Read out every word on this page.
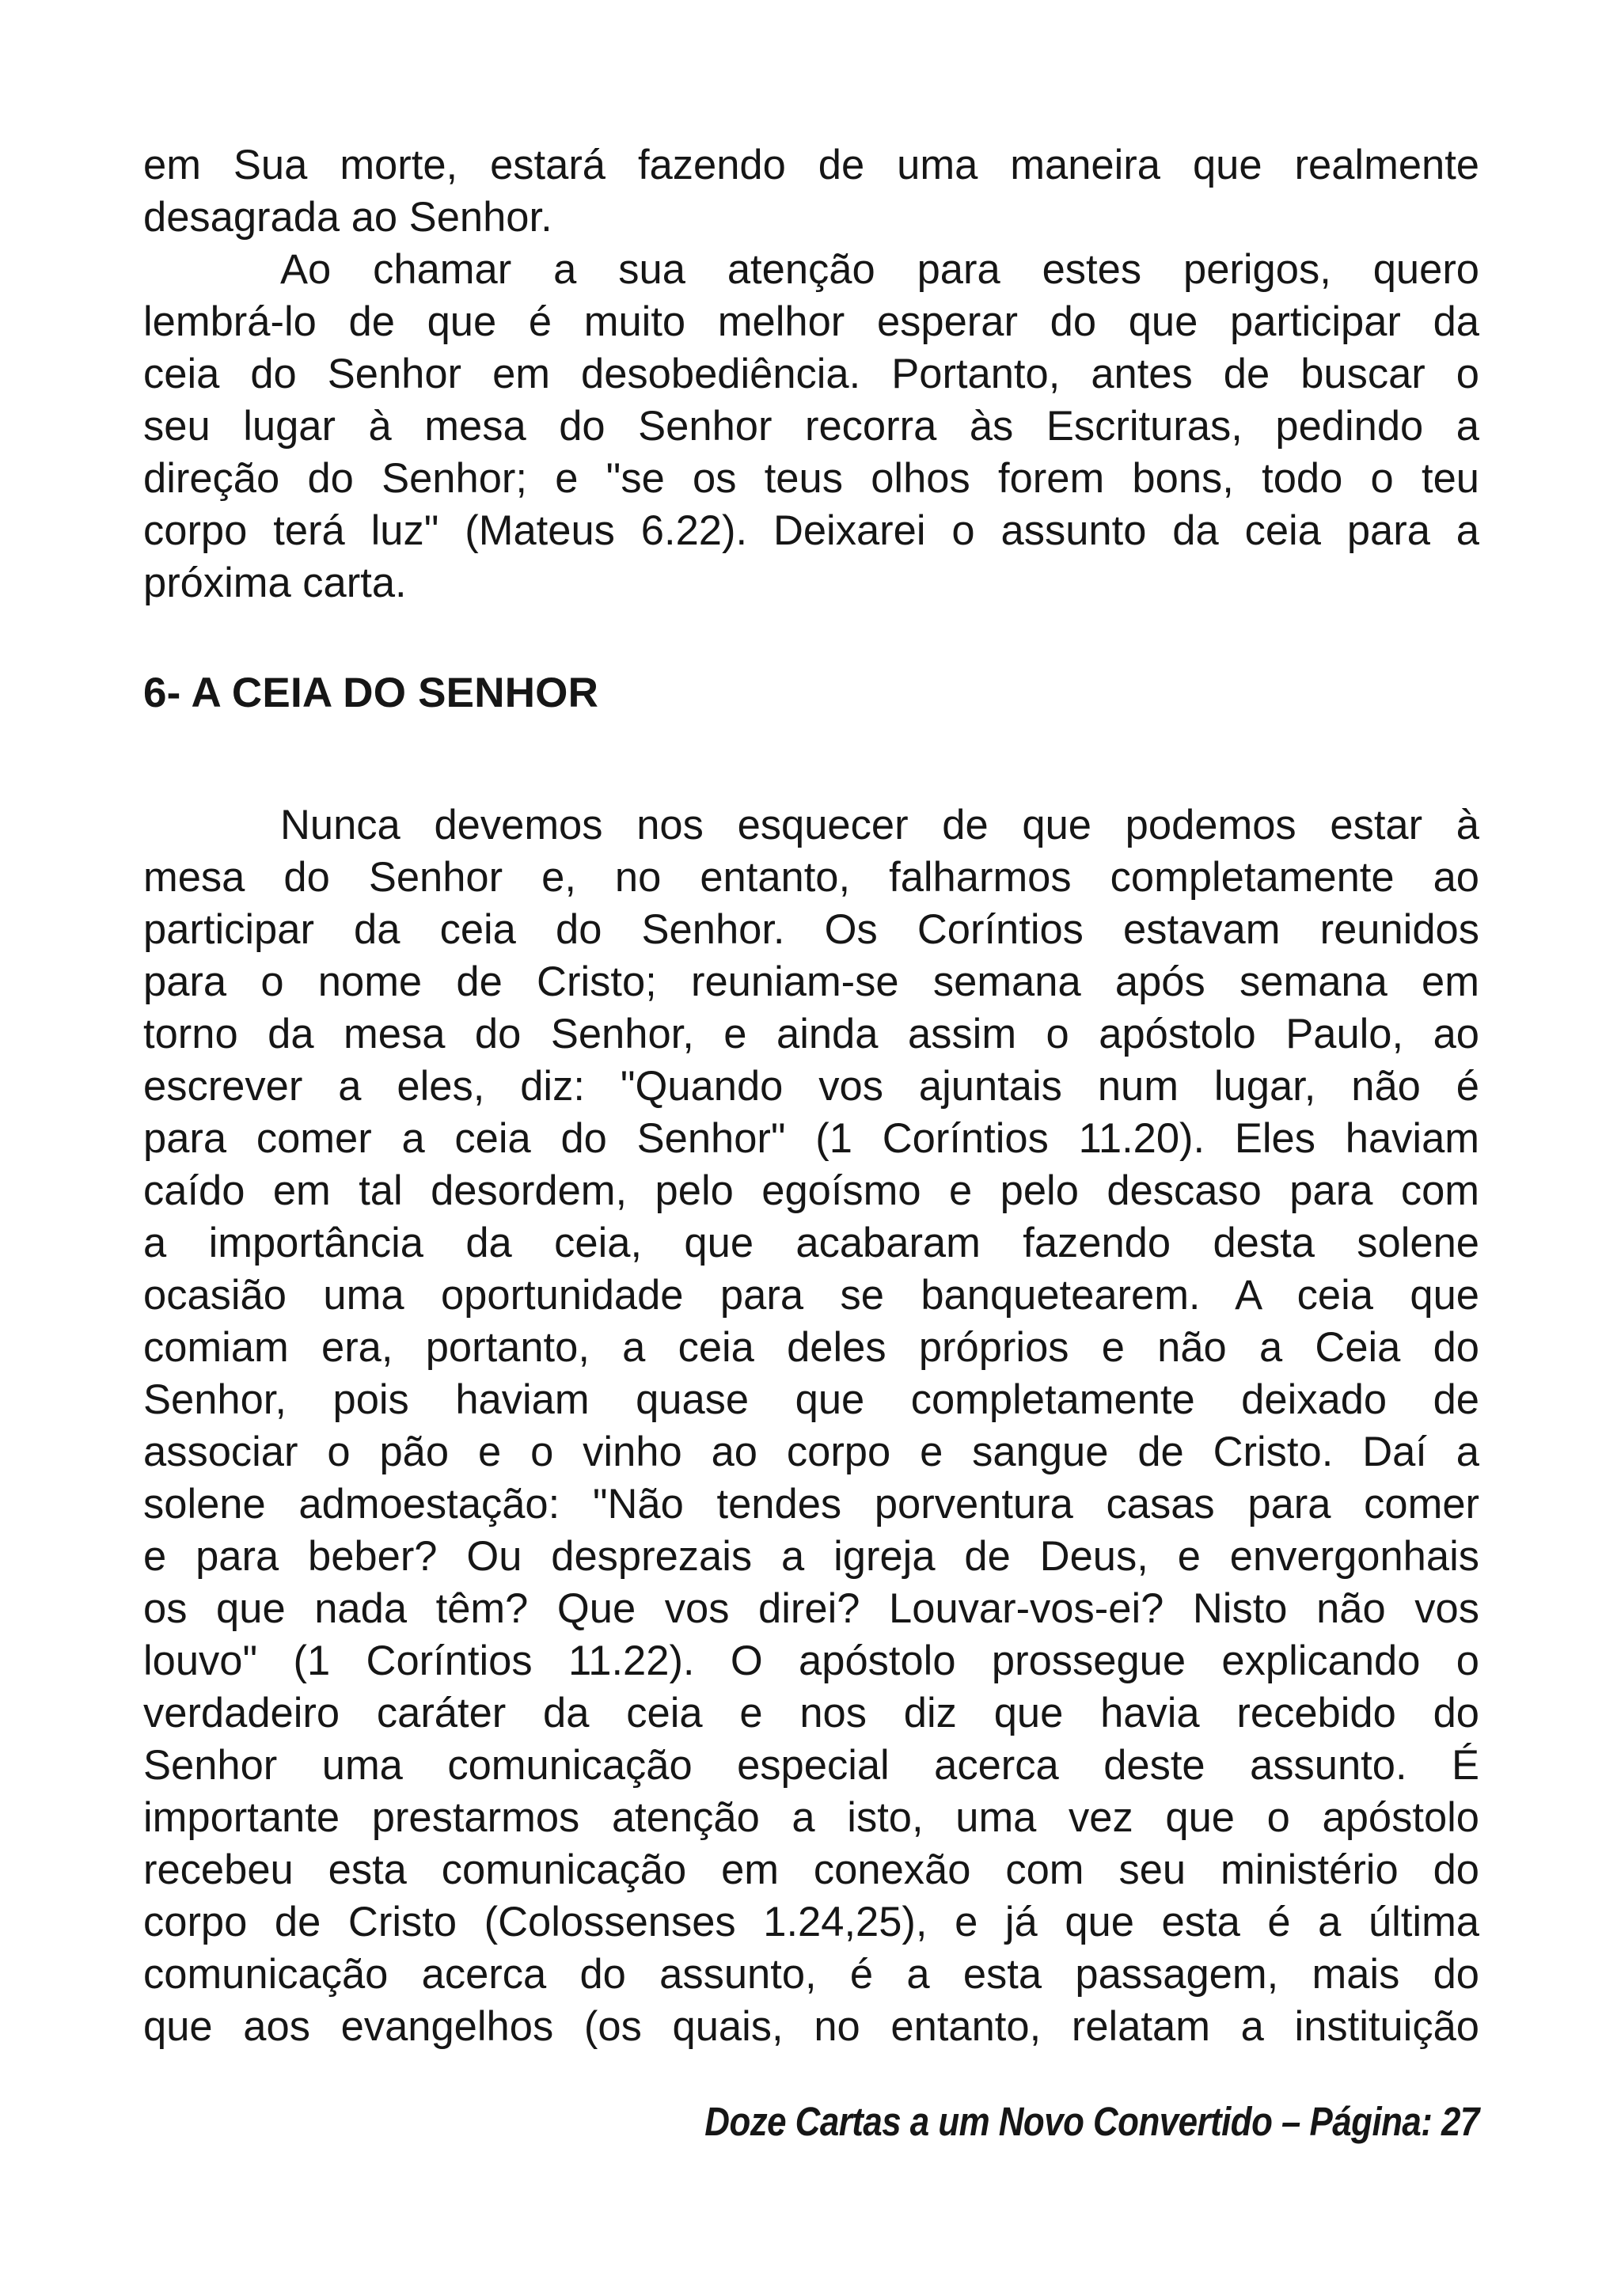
em Sua morte, estará fazendo de uma maneira que realmente
desagrada ao Senhor.

Ao chamar a sua atenção para estes perigos, quero
lembrá-lo de que é muito melhor esperar do que participar da
ceia do Senhor em desobediência. Portanto, antes de buscar o
seu lugar à mesa do Senhor recorra às Escrituras, pedindo a
direção do Senhor; e "se os teus olhos forem bons, todo o teu
corpo terá luz" (Mateus 6.22). Deixarei o assunto da ceia para a
próxima carta.

6- A CEIA DO SENHOR

Nunca devemos nos esquecer de que podemos estar à
mesa do Senhor e, no entanto, falharmos completamente ao
participar da ceia do Senhor. Os Coríntios estavam reunidos
para o nome de Cristo; reuniam-se semana após semana em
torno da mesa do Senhor, e ainda assim o apóstolo Paulo, ao
escrever a eles, diz: "Quando vos ajuntais num lugar, não é
para comer a ceia do Senhor" (1 Coríntios 11.20). Eles haviam
caído em tal desordem, pelo egoísmo e pelo descaso para com
a importância da ceia, que acabaram fazendo desta solene
ocasião uma oportunidade para se banquetearem. A ceia que
comiam era, portanto, a ceia deles próprios e não a Ceia do
Senhor, pois haviam quase que completamente deixado de
associar o pão e o vinho ao corpo e sangue de Cristo. Daí a
solene admoestação: "Não tendes porventura casas para comer
e para beber? Ou desprezais a igreja de Deus, e envergonhais
os que nada têm? Que vos direi? Louvar-vos-ei? Nisto não vos
louvo" (1 Coríntios 11.22). O apóstolo prossegue explicando o
verdadeiro caráter da ceia e nos diz que havia recebido do
Senhor uma comunicação especial acerca deste assunto. É
importante prestarmos atenção a isto, uma vez que o apóstolo
recebeu esta comunicação em conexão com seu ministério do
corpo de Cristo (Colossenses 1.24,25), e já que esta é a última
comunicação acerca do assunto, é a esta passagem, mais do
que aos evangelhos (os quais, no entanto, relatam a instituição

Doze Cartas a um Novo Convertido – Página: 27
